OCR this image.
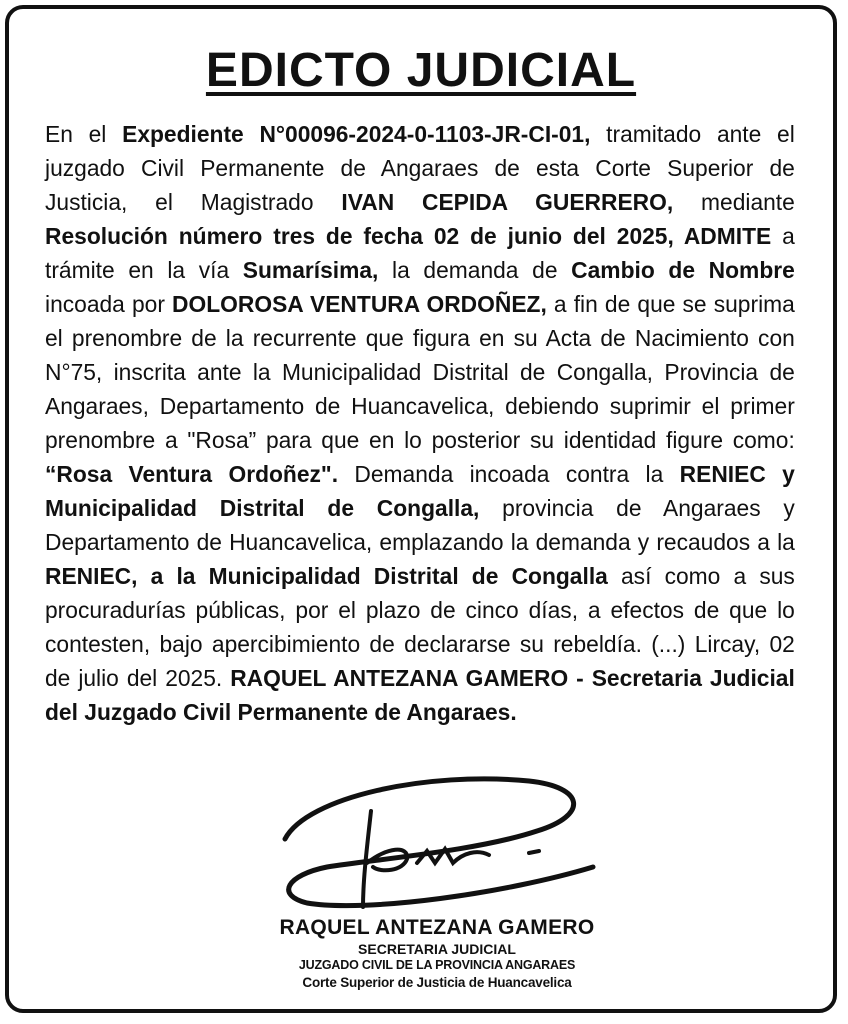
EDICTO JUDICIAL
En el Expediente N°00096-2024-0-1103-JR-CI-01, tramitado ante el juzgado Civil Permanente de Angaraes de esta Corte Superior de Justicia, el Magistrado IVAN CEPIDA GUERRERO, mediante Resolución número tres de fecha 02 de junio del 2025, ADMITE a trámite en la vía Sumarísima, la demanda de Cambio de Nombre incoada por DOLOROSA VENTURA ORDOÑEZ, a fin de que se suprima el prenombre de la recurrente que figura en su Acta de Nacimiento con N°75, inscrita ante la Municipalidad Distrital de Congalla, Provincia de Angaraes, Departamento de Huancavelica, debiendo suprimir el primer prenombre a "Rosa” para que en lo posterior su identidad figure como: “Rosa Ventura Ordoñez". Demanda incoada contra la RENIEC y Municipalidad Distrital de Congalla, provincia de Angaraes y Departamento de Huancavelica, emplazando la demanda y recaudos a la RENIEC, a la Municipalidad Distrital de Congalla así como a sus procuradurías públicas, por el plazo de cinco días, a efectos de que lo contesten, bajo apercibimiento de declararse su rebeldía. (...) Lircay, 02 de julio del 2025. RAQUEL ANTEZANA GAMERO - Secretaria Judicial del Juzgado Civil Permanente de Angaraes.
RAQUEL ANTEZANA GAMERO
SECRETARIA JUDICIAL
JUZGADO CIVIL DE LA PROVINCIA ANGARAES
Corte Superior de Justicia de Huancavelica
